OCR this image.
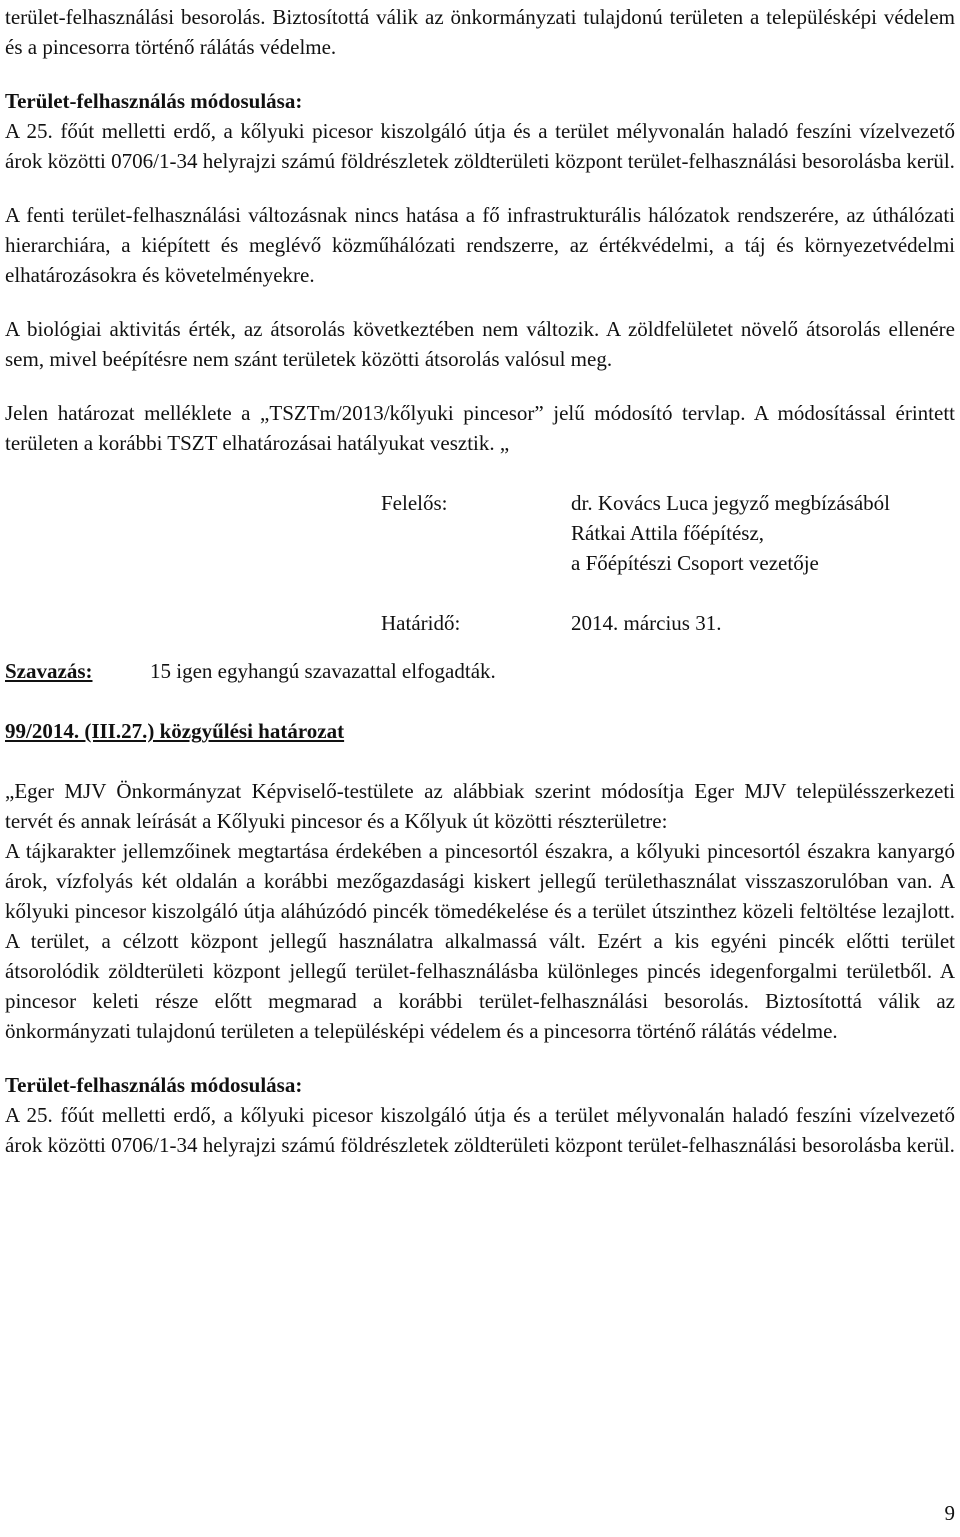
terület-felhasználási besorolás. Biztosítottá válik az önkormányzati tulajdonú területen a településképi védelem és a pincesorra történő rálátás védelme.

Terület-felhasználás módosulása:

A 25. főút melletti erdő, a kőlyuki picesor kiszolgáló útja és a terület mélyvonalán haladó feszíni vízelvezető árok közötti 0706/1-34 helyrajzi számú földrészletek zöldterületi központ terület-felhasználási besorolásba kerül.

A fenti terület-felhasználási változásnak nincs hatása a fő infrastrukturális hálózatok rendszerére, az úthálózati hierarchiára, a kiépített és meglévő közműhálózati rendszerre, az értékvédelmi, a táj és környezetvédelmi elhatározásokra és követelményekre.

A biológiai aktivitás érték, az átsorolás következtében nem változik. A zöldfelületet növelő átsorolás ellenére sem, mivel beépítésre nem szánt területek közötti átsorolás valósul meg.

Jelen határozat melléklete a „TSZTm/2013/kőlyuki pincesor” jelű módosító tervlap. A módosítással érintett területen a korábbi TSZT elhatározásai hatályukat vesztik. „

Felelős:	dr. Kovács Luca jegyző megbízásából

Rátkai Attila főépítész,

a Főépítészi Csoport vezetője

Határidő:	2014. március 31.

Szavazás:	15 igen egyhangú szavazattal elfogadták.

99/2014. (III.27.) közgyűlési határozat

„Eger MJV Önkormányzat Képviselő-testülete az alábbiak szerint módosítja Eger MJV településszerkezeti tervét és annak leírását a Kőlyuki pincesor és a Kőlyuk út közötti részterületre:

A tájkarakter jellemzőinek megtartása érdekében a pincesortól északra, a kőlyuki pincesortól északra kanyargó árok, vízfolyás két oldalán a korábbi mezőgazdasági kiskert jellegű területhasználat visszaszorulóban van. A kőlyuki pincesor kiszolgáló útja aláhúzódó pincék tömedékelése és a terület útszinthez közeli feltöltése lezajlott. A terület, a célzott központ jellegű használatra alkalmassá vált. Ezért a kis egyéni pincék előtti terület átsorolódik zöldterületi központ jellegű terület-felhasználásba különleges pincés idegenforgalmi területből. A pincesor keleti része előtt megmarad a korábbi terület-felhasználási besorolás. Biztosítottá válik az önkormányzati tulajdonú területen a településképi védelem és a pincesorra történő rálátás védelme.

Terület-felhasználás módosulása:

A 25. főút melletti erdő, a kőlyuki picesor kiszolgáló útja és a terület mélyvonalán haladó feszíni vízelvezető árok közötti 0706/1-34 helyrajzi számú földrészletek zöldterületi központ terület-felhasználási besorolásba kerül.

9
